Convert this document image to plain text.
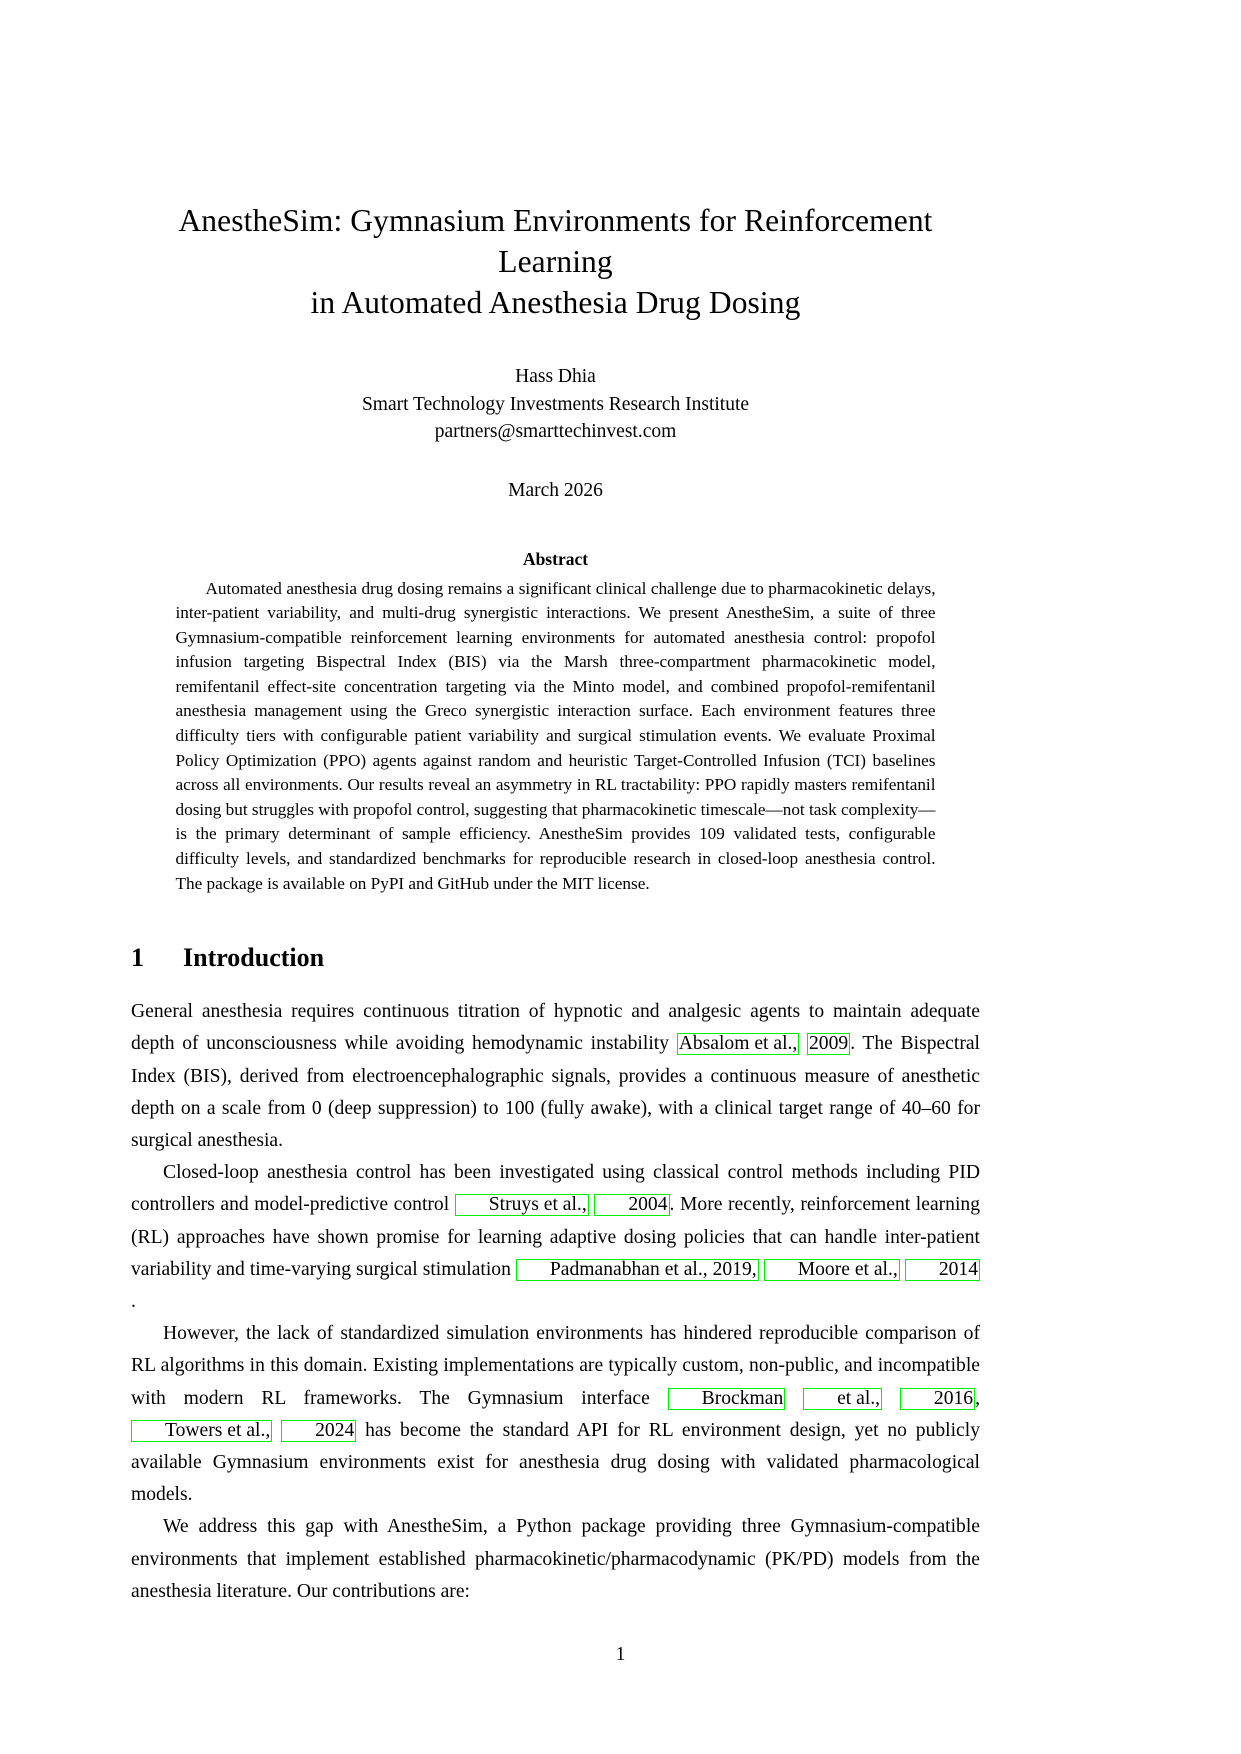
AnestheSim: Gymnasium Environments for Reinforcement
Learning
in Automated Anesthesia Drug Dosing
Hass Dhia
Smart Technology Investments Research Institute
partners@smarttechinvest.com
March 2026
Abstract
Automated anesthesia drug dosing remains a significant clinical challenge due to pharmacokinetic delays, inter-patient variability, and multi-drug synergistic interactions. We present AnestheSim, a suite of three Gymnasium-compatible reinforcement learning environments for automated anesthesia control: propofol infusion targeting Bispectral Index (BIS) via the Marsh three-compartment pharmacokinetic model, remifentanil effect-site concentration targeting via the Minto model, and combined propofol-remifentanil anesthesia management using the Greco synergistic interaction surface. Each environment features three difficulty tiers with configurable patient variability and surgical stimulation events. We evaluate Proximal Policy Optimization (PPO) agents against random and heuristic Target-Controlled Infusion (TCI) baselines across all environments. Our results reveal an asymmetry in RL tractability: PPO rapidly masters remifentanil dosing but struggles with propofol control, suggesting that pharmacokinetic timescale—not task complexity—is the primary determinant of sample efficiency. AnestheSim provides 109 validated tests, configurable difficulty levels, and standardized benchmarks for reproducible research in closed-loop anesthesia control. The package is available on PyPI and GitHub under the MIT license.
1 Introduction
General anesthesia requires continuous titration of hypnotic and analgesic agents to maintain adequate depth of unconsciousness while avoiding hemodynamic instability Absalom et al., 2009 . The Bispectral Index (BIS), derived from electroencephalographic signals, provides a continuous measure of anesthetic depth on a scale from 0 (deep suppression) to 100 (fully awake), with a clinical target range of 40–60 for surgical anesthesia.
Closed-loop anesthesia control has been investigated using classical control methods including PID controllers and model-predictive control Struys et al., 2004 . More recently, reinforcement learning (RL) approaches have shown promise for learning adaptive dosing policies that can handle inter-patient variability and time-varying surgical stimulation Padmanabhan et al., 2019, Moore et al., 2014.
However, the lack of standardized simulation environments has hindered reproducible comparison of RL algorithms in this domain. Existing implementations are typically custom, non-public, and incompatible with modern RL frameworks. The Gymnasium interface Brockman	et al.,	2016 , Towers et al., 2024 has become the standard API for RL environment design, yet no publicly available Gymnasium environments exist for anesthesia drug dosing with validated pharmacological models.
We address this gap with AnestheSim, a Python package providing three Gymnasium-compatible environments that implement established pharmacokinetic/pharmacodynamic (PK/PD) models from the anesthesia literature. Our contributions are:
1
